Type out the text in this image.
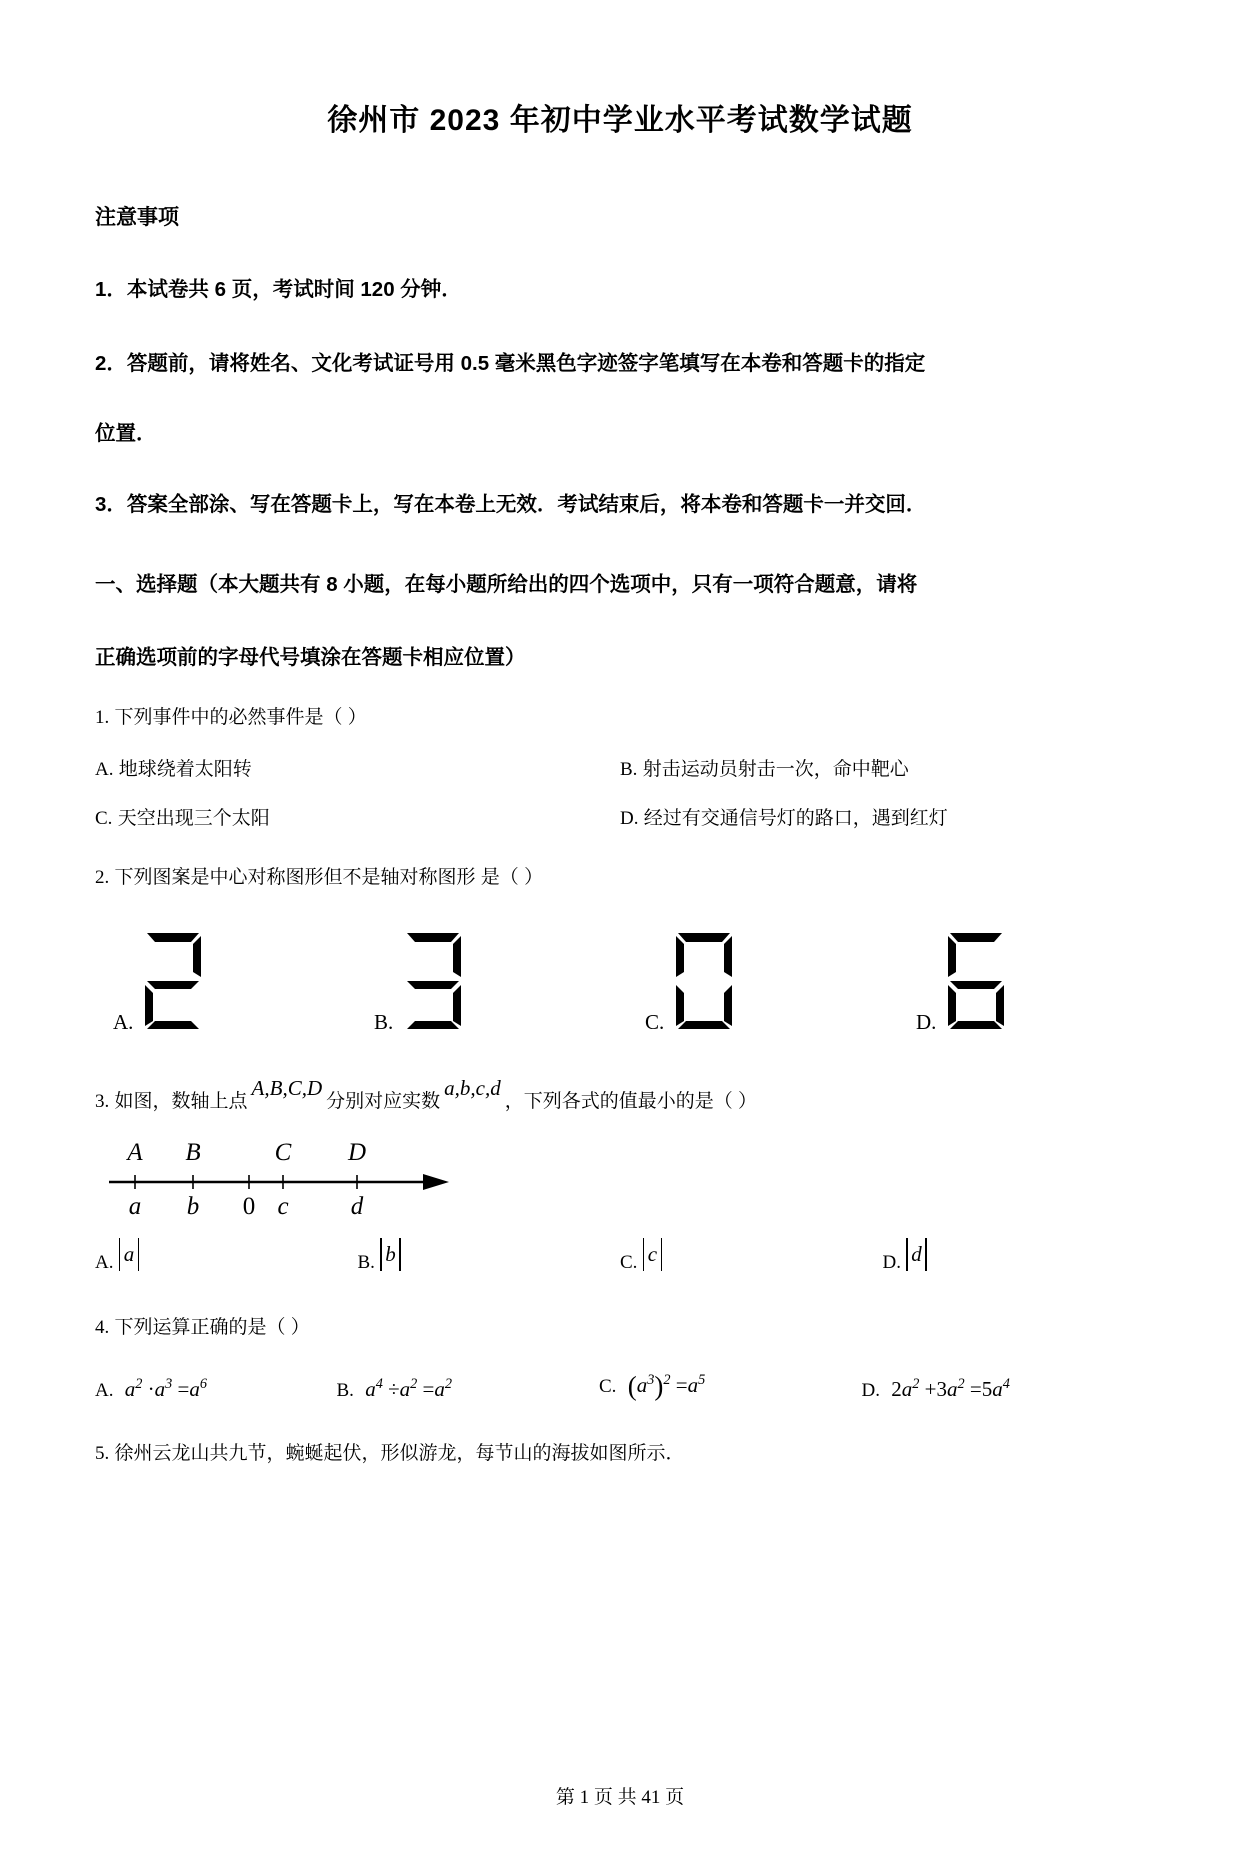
徐州市 2023 年初中学业水平考试数学试题
注意事项
1．本试卷共 6 页，考试时间 120 分钟．
2．答题前，请将姓名、文化考试证号用 0.5 毫米黑色字迹签字笔填写在本卷和答题卡的指定
位置．
3．答案全部涂、写在答题卡上，写在本卷上无效．考试结束后，将本卷和答题卡一并交回．
一、选择题（本大题共有 8 小题，在每小题所给出的四个选项中，只有一项符合题意，请将
正确选项前的字母代号填涂在答题卡相应位置）
1. 下列事件中的必然事件是（ ）
A. 地球绕着太阳转	B. 射击运动员射击一次，命中靶心
C. 天空出现三个太阳	D. 经过有交通信号灯的路口，遇到红灯
2. 下列图案是中心对称图形但不是轴对称图形 是（ ）
A.	B.	C.	D.
3. 如图，数轴上点A,B,C,D分别对应实数a,b,c,d，下列各式的值最小的是（ ）
A B	C D
a b 0 c d
A. a	B. b	C. c	D. d
4. 下列运算正确的是（ ）
A. $a^2 \cdot a^3 =a^6$	B. $a^4 \div a^2 =a^2$	C. $(a^3)^2 =a^5$	D. $2a^2 +3a^2 =5a^4$
5. 徐州云龙山共九节，蜿蜒起伏，形似游龙，每节山的海拔如图所示．
第 1 页 共 41 页
